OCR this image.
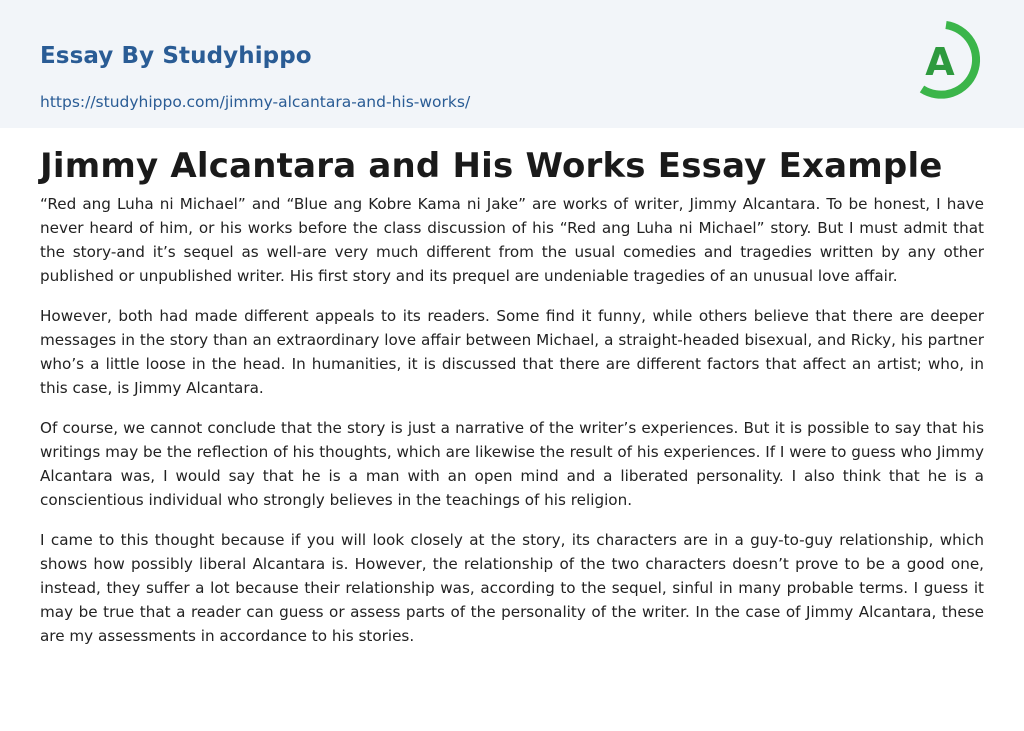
Essay By Studyhippo
https://studyhippo.com/jimmy-alcantara-and-his-works/
A
Jimmy Alcantara and His Works Essay Example

“Red ang Luha ni Michael” and “Blue ang Kobre Kama ni Jake” are works of writer, Jimmy Alcantara. To be honest, I have never heard of him, or his works before the class discussion of his “Red ang Luha ni Michael” story. But I must admit that the story-and it’s sequel as well-are very much different from the usual comedies and tragedies written by any other published or unpublished writer. His first story and its prequel are undeniable tragedies of an unusual love affair.

However, both had made different appeals to its readers. Some find it funny, while others believe that there are deeper messages in the story than an extraordinary love affair between Michael, a straight-headed bisexual, and Ricky, his partner who’s a little loose in the head. In humanities, it is discussed that there are different factors that affect an artist; who, in this case, is Jimmy Alcantara.

Of course, we cannot conclude that the story is just a narrative of the writer’s experiences. But it is possible to say that his writings may be the reflection of his thoughts, which are likewise the result of his experiences. If I were to guess who Jimmy Alcantara was, I would say that he is a man with an open mind and a liberated personality. I also think that he is a conscientious individual who strongly believes in the teachings of his religion.

I came to this thought because if you will look closely at the story, its characters are in a guy-to-guy relationship, which shows how possibly liberal Alcantara is. However, the relationship of the two characters doesn’t prove to be a good one, instead, they suffer a lot because their relationship was, according to the sequel, sinful in many probable terms. I guess it may be true that a reader can guess or assess parts of the personality of the writer. In the case of Jimmy Alcantara, these are my assessments in accordance to his stories.
